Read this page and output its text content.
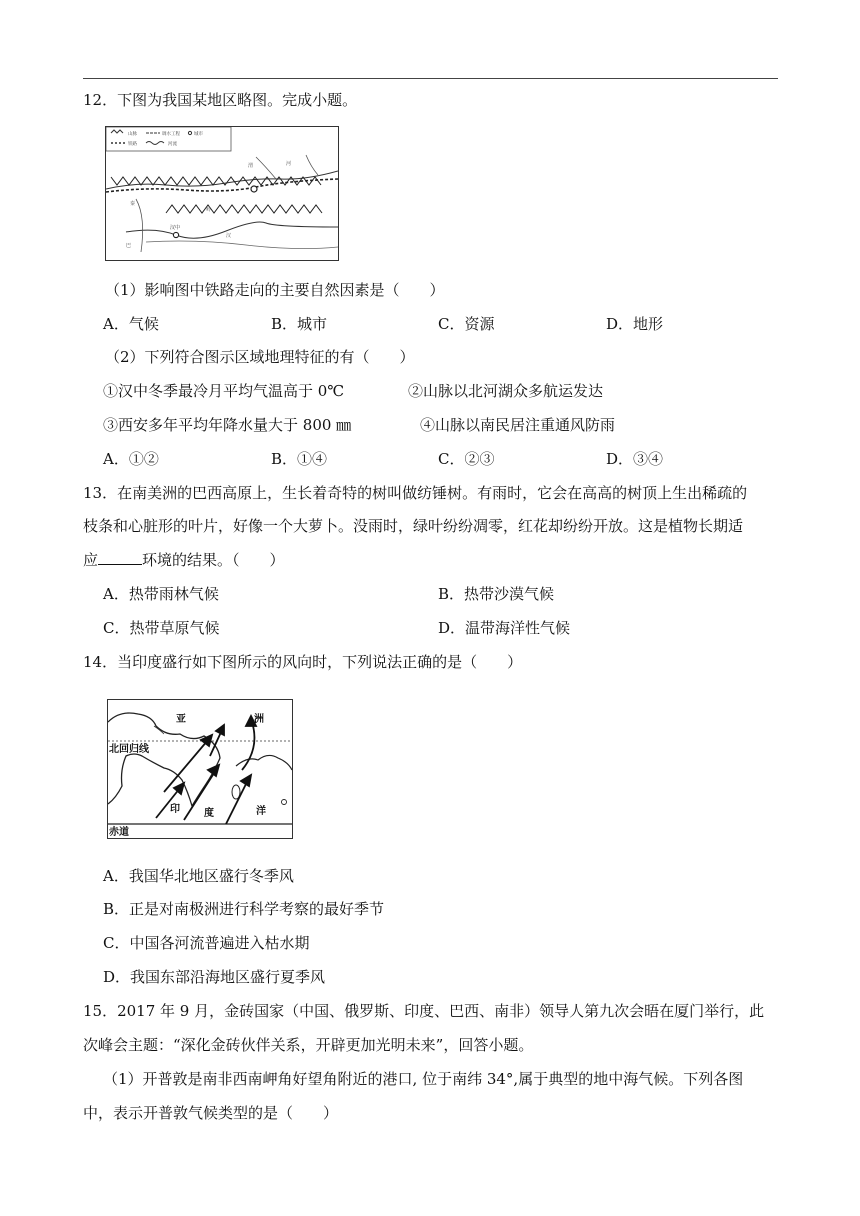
12．下图为我国某地区略图。完成小题。
山脉	调水工程	城市
铁路	河流
汉中
渭	河
汉
秦
岭
巴
（1）影响图中铁路走向的主要自然因素是（　　）
A．气候	B．城市	C．资源	D．地形
（2）下列符合图示区域地理特征的有（　　）
①汉中冬季最冷月平均气温高于 0℃	②山脉以北河湖众多航运发达
③西安多年平均年降水量大于 800 ㎜	④山脉以南民居注重通风防雨
A．①②	B．①④	C．②③	D．③④
13．在南美洲的巴西高原上，生长着奇特的树叫做纺锤树。有雨时，它会在高高的树顶上生出稀疏的
枝条和心脏形的叶片，好像一个大萝卜。没雨时，绿叶纷纷凋零，红花却纷纷开放。这是植物长期适
应	环境的结果。（　　）
A．热带雨林气候	B．热带沙漠气候
C．热带草原气候	D．温带海洋性气候
14．当印度盛行如下图所示的风向时，下列说法正确的是（　　）
亚	洲
北回归线
印 度	洋
赤道
A．我国华北地区盛行冬季风
B．正是对南极洲进行科学考察的最好季节
C．中国各河流普遍进入枯水期
D．我国东部沿海地区盛行夏季风
15．2017 年 9 月，金砖国家（中国、俄罗斯、印度、巴西、南非）领导人第九次会晤在厦门举行，此
次峰会主题：“深化金砖伙伴关系，开辟更加光明未来”，回答小题。
（1）开普敦是南非西南岬角好望角附近的港口, 位于南纬 34°,属于典型的地中海气候。下列各图
中，表示开普敦气候类型的是（　　）
